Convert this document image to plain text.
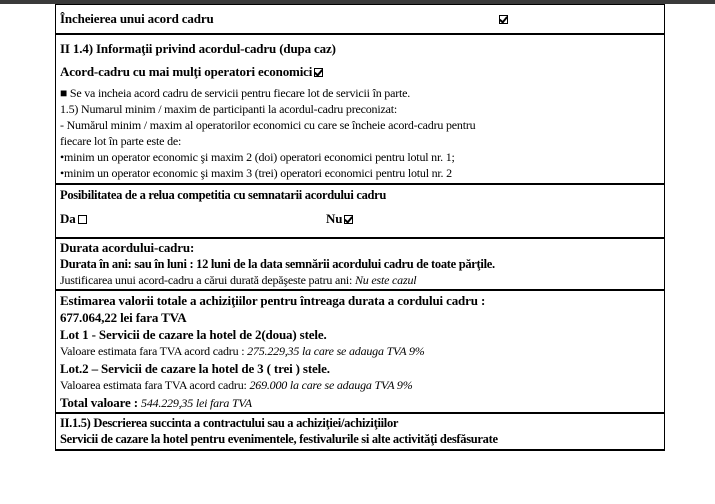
Încheierea unui acord cadru
II 1.4) Informaţii privind acordul-cadru (dupa caz)
Acord-cadru cu mai mulţi operatori economici
■ Se va incheia acord cadru de servicii pentru fiecare lot de servicii în parte.
1.5) Numarul minim / maxim de participanti la acordul-cadru preconizat:
- Numărul minim / maxim al operatorilor economici cu care se încheie acord-cadru pentru
fiecare lot în parte este de:
•minim un operator economic şi maxim 2 (doi) operatori economici pentru lotul nr. 1;
•minim un operator economic şi maxim 3 (trei) operatori economici pentru lotul nr. 2
Posibilitatea de a relua competitia cu semnatarii acordului cadru
Da	Nu
Durata acordului-cadru:
Durata în ani: sau în luni : 12 luni de la data semnării acordului cadru de toate părţile.
Justificarea unui acord-cadru a cărui durată depăşeste patru ani: Nu este cazul
Estimarea valorii totale a achiziţiilor pentru întreaga durata a cordului cadru :
677.064,22 lei fara TVA
Lot 1 - Servicii de cazare la hotel de 2(doua) stele.
Valoare estimata fara TVA acord cadru : 275.229,35 la care se adauga TVA 9%
Lot.2 – Servicii de cazare la hotel de 3 ( trei ) stele.
Valoarea estimata fara TVA acord cadru: 269.000 la care se adauga TVA 9%
Total valoare : 544.229,35 lei fara TVA
II.1.5) Descrierea succinta a contractului sau a achiziţiei/achiziţiilor
Servicii de cazare la hotel pentru evenimentele, festivalurile si alte activităţi desfăsurate
